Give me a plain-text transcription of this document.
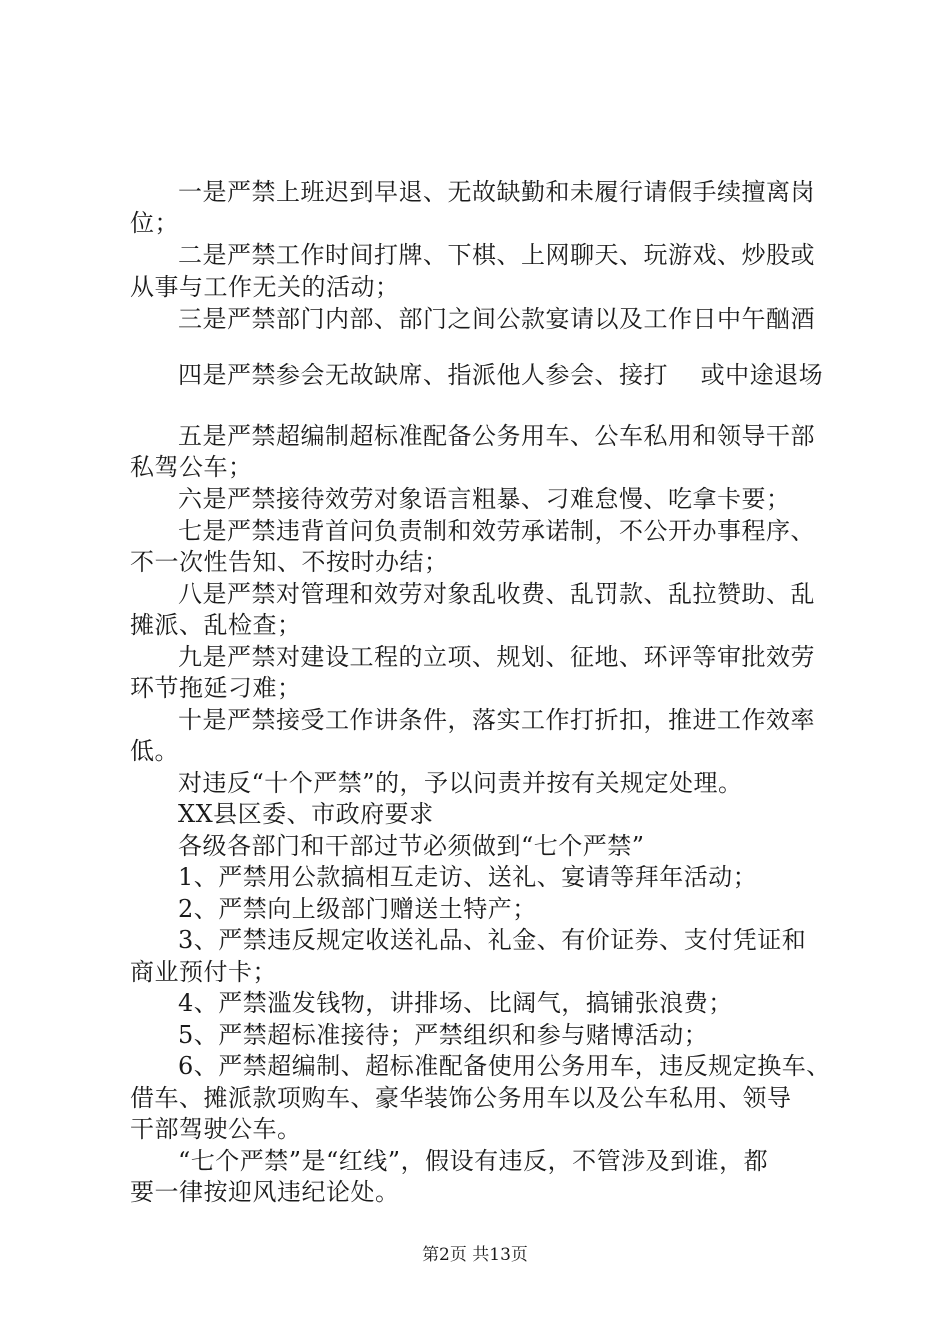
一是严禁上班迟到早退、无故缺勤和未履行请假手续擅离岗
位；
二是严禁工作时间打牌、下棋、上网聊天、玩游戏、炒股或
从事与工作无关的活动；
三是严禁部门内部、部门之间公款宴请以及工作日中午酗酒
四是严禁参会无故缺席、指派他人参会、接打　 或中途退场
五是严禁超编制超标准配备公务用车、公车私用和领导干部
私驾公车；
六是严禁接待效劳对象语言粗暴、刁难怠慢、吃拿卡要；
七是严禁违背首问负责制和效劳承诺制，不公开办事程序、
不一次性告知、不按时办结；
八是严禁对管理和效劳对象乱收费、乱罚款、乱拉赞助、乱
摊派、乱检查；
九是严禁对建设工程的立项、规划、征地、环评等审批效劳
环节拖延刁难；
十是严禁接受工作讲条件，落实工作打折扣，推进工作效率
低。
对违反“十个严禁”的，予以问责并按有关规定处理。
XX县区委、市政府要求
各级各部门和干部过节必须做到“七个严禁”
1、严禁用公款搞相互走访、送礼、宴请等拜年活动；
2、严禁向上级部门赠送土特产；
3、严禁违反规定收送礼品、礼金、有价证券、支付凭证和
商业预付卡；
4、严禁滥发钱物，讲排场、比阔气，搞铺张浪费；
5、严禁超标准接待；严禁组织和参与赌博活动；
6、严禁超编制、超标准配备使用公务用车，违反规定换车、
借车、摊派款项购车、豪华装饰公务用车以及公车私用、领导
干部驾驶公车。
“七个严禁”是“红线”，假设有违反，不管涉及到谁，都
要一律按迎风违纪论处。
第2页 共13页
